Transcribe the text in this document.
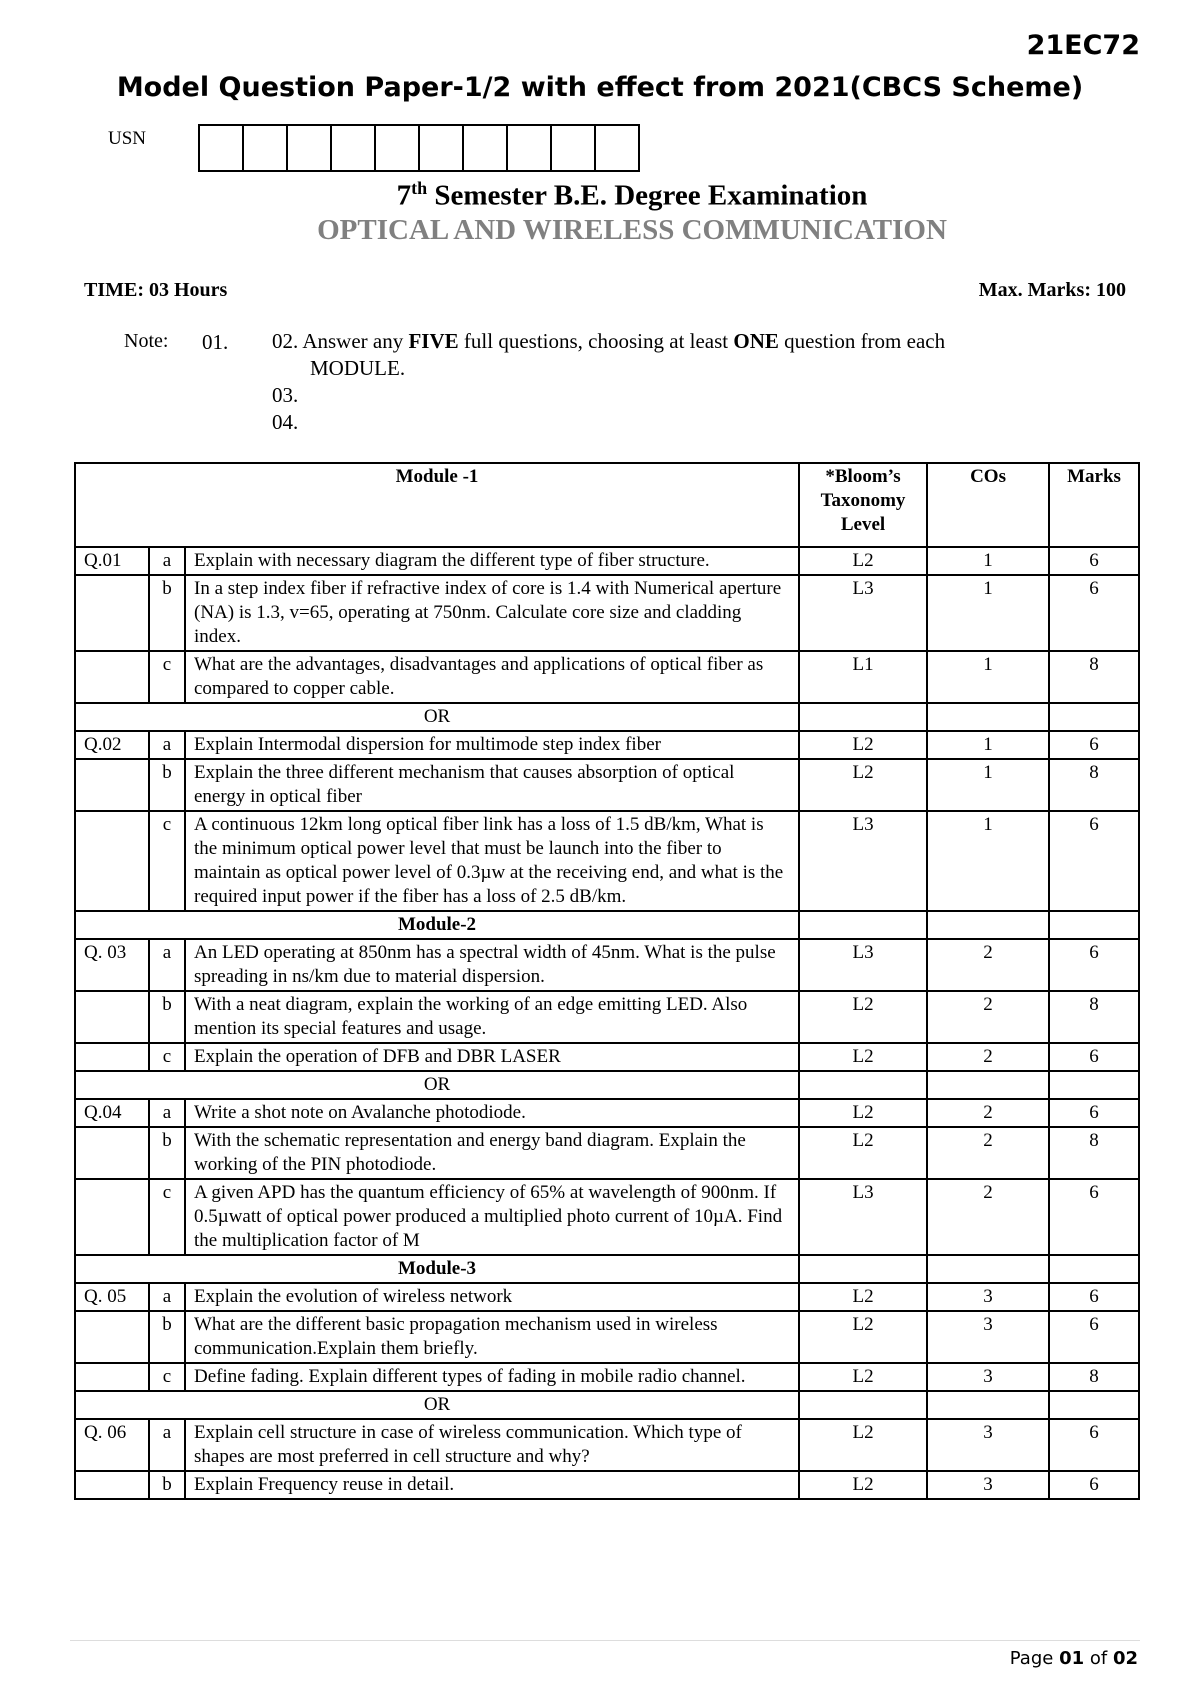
21EC72
Model Question Paper-1/2 with effect from 2021(CBCS Scheme)
USN
7th Semester B.E. Degree Examination
OPTICAL AND WIRELESS COMMUNICATION
TIME: 03 Hours	Max. Marks: 100
Note: 01. 02. Answer any FIVE full questions, choosing at least ONE question from each
MODULE.
03.
04.
Module -1			*Bloom’s Taxonomy Level	COs	Marks
Q.01	a	Explain with necessary diagram the different type of fiber structure.	L2	1	6
	b	In a step index fiber if refractive index of core is 1.4 with Numerical aperture (NA) is 1.3, v=65, operating at 750nm. Calculate core size and cladding index.	L3	1	6
	c	What are the advantages, disadvantages and applications of optical fiber as compared to copper cable.	L1	1	8
OR					
Q.02	a	Explain Intermodal dispersion for multimode step index fiber	L2	1	6
	b	Explain the three different mechanism that causes absorption of optical energy in optical fiber	L2	1	8
	c	A continuous 12km long optical fiber link has a loss of 1.5 dB/km, What is the minimum optical power level that must be launch into the fiber to maintain as optical power level of 0.3µw at the receiving end, and what is the required input power if the fiber has a loss of 2.5 dB/km.	L3	1	6
Module-2					
Q. 03	a	An LED operating at 850nm has a spectral width of 45nm. What is the pulse spreading in ns/km due to material dispersion.	L3	2	6
	b	With a neat diagram, explain the working of an edge emitting LED. Also mention its special features and usage.	L2	2	8
	c	Explain the operation of DFB and DBR LASER	L2	2	6
OR					
Q.04	a	Write a shot note on Avalanche photodiode.	L2	2	6
	b	With the schematic representation and energy band diagram. Explain the working of the PIN photodiode.	L2	2	8
	c	A given APD has the quantum efficiency of 65% at wavelength of 900nm. If 0.5µwatt of optical power produced a multiplied photo current of 10µA. Find the multiplication factor of M	L3	2	6
Module-3					
Q. 05	a	Explain the evolution of wireless network	L2	3	6
	b	What are the different basic propagation mechanism used in wireless communication.Explain them briefly.	L2	3	6
	c	Define fading. Explain different types of fading in mobile radio channel.	L2	3	8
OR					
Q. 06	a	Explain cell structure in case of wireless communication. Which type of shapes are most preferred in cell structure and why?	L2	3	6
	b	Explain Frequency reuse in detail.	L2	3	6
Page 01 of 02
